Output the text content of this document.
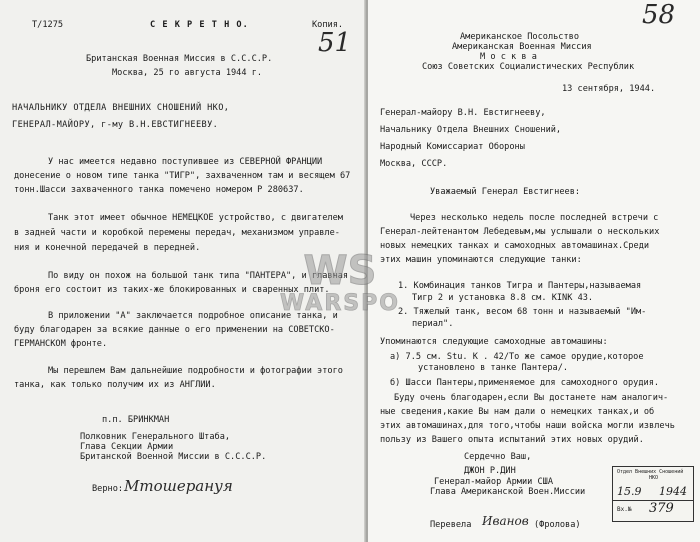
Т/1275	С Е К Р Е Т Н О.	Копия.
51
Британская Военная Миссия в С.С.С.Р.
Москва, 25 го августа 1944 г.
НАЧАЛЬНИКУ ОТДЕЛА ВНЕШНИХ СНОШЕНИЙ НКО,
ГЕНЕРАЛ-МАЙОРУ, г-му В.Н.ЕВСТИГНЕЕВУ.
У нас имеется недавно поступившее из СЕВЕРНОЙ ФРАНЦИИ
донесение о новом типе танка "ТИГР", захваченном там и весящем 67
тонн.Шасси захваченного танка помечено номером Р 280637.
Танк этот имеет обычное НЕМЕЦКОЕ устройство, с двигателем
в задней части и коробкой перемены передач, механизмом управле-
ния и конечной передачей в передней.
По виду он похож на большой танк типа "ПАНТЕРА", и главная
броня его состоит из таких-же блокированных и сваренных плит.
В приложении "А" заключается подробное описание танка, и
буду благодарен за всякие данные о его применении на СОВЕТСКО-
ГЕРМАНСКОМ фронте.
Мы перешлем Вам дальнейшие подробности и фотографии этого
танка, как только получим их из АНГЛИИ.
п.п. БРИНКМАН
Полковник Генерального Штаба,
Глава Секции Армии
Британской Военной Миссии в С.С.С.Р.
Верно: Мтошерануя
58
Американское Посольство
Американская Военная Миссия
М о с к в а
Союз Советских Социалистических Республик
13 сентября, 1944.
Генерал-майору В.Н. Евстигнееву,
Начальнику Отдела Внешних Сношений,
Народный Комиссариат Обороны
Москва, СССР.
Уважаемый Генерал Евстигнеев:
Через несколько недель после последней встречи с
Генерал-лейтенантом Лебедевым,мы услышали о нескольких
новых немецких танках и самоходных автомашинах.Среди
этих машин упоминаются следующие танки:
1. Комбинация танков Тигра и Пантеры,называемая
Тигр 2 и установка 8.8 см. KINK 43.
2. Тяжелый танк, весом 68 тонн и называемый "Им-
периал".
Упоминаются следующие самоходные автомашины:
а) 7.5 см. Stu. K . 42/То же самое орудие,которое
установлено в танке Пантера/.
б) Шасси Пантеры,применяемое для самоходного орудия.
Буду очень благодарен,если Вы достанете нам аналогич-
ные сведения,какие Вы нам дали о немецких танках,и об
этих автомашинах,для того,чтобы наши войска могли извлечь
пользу из Вашего опыта испытаний этих новых орудий.
Сердечно Ваш,
ДЖОН Р.ДИН
Генерал-майор Армии США
Глава Американской Воен.Миссии
Перевела Иванов (Фролова)
Отдел Внешних Сношений
НКО
15.9 1944
Вх.№ 379
WS
WARSPO
